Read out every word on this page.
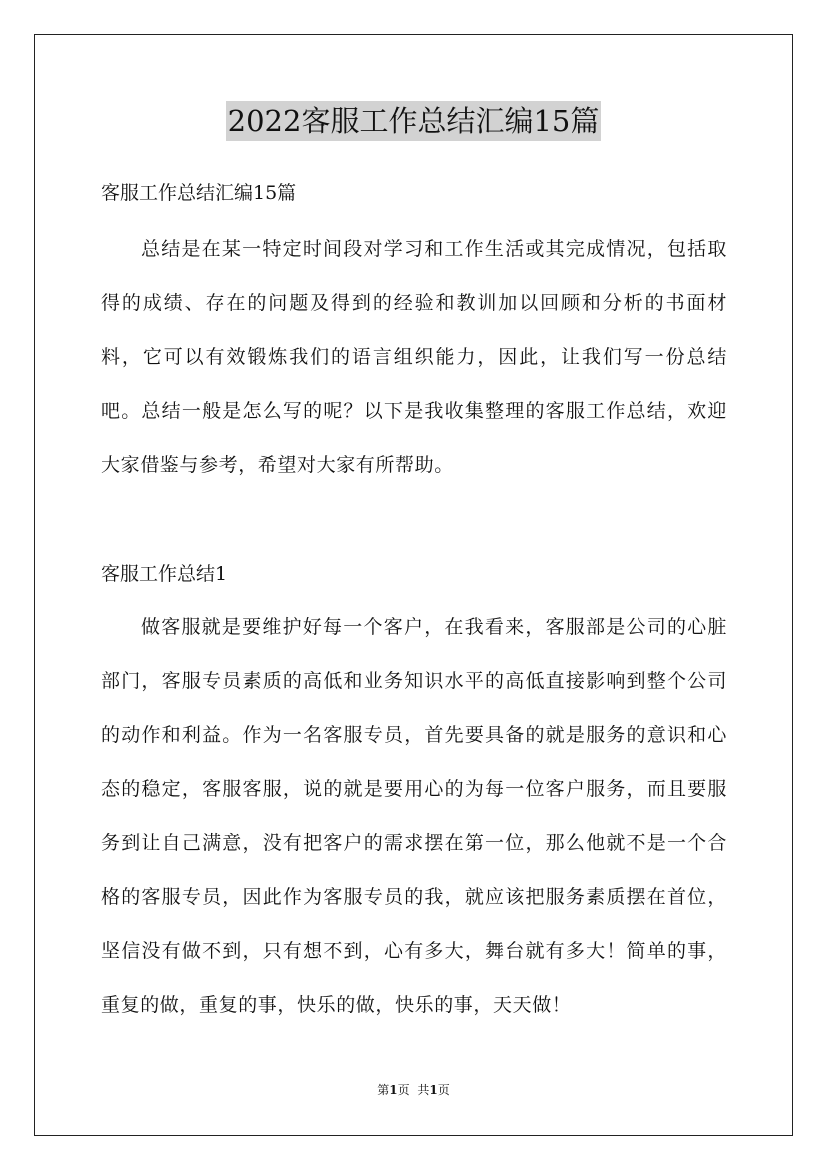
2022客服工作总结汇编15篇
客服工作总结汇编15篇
总结是在某一特定时间段对学习和工作生活或其完成情况，包括取得的成绩、存在的问题及得到的经验和教训加以回顾和分析的书面材料，它可以有效锻炼我们的语言组织能力，因此，让我们写一份总结吧。总结一般是怎么写的呢？以下是我收集整理的客服工作总结，欢迎大家借鉴与参考，希望对大家有所帮助。
客服工作总结1
做客服就是要维护好每一个客户，在我看来，客服部是公司的心脏部门，客服专员素质的高低和业务知识水平的高低直接影响到整个公司的动作和利益。作为一名客服专员，首先要具备的就是服务的意识和心态的稳定，客服客服，说的就是要用心的为每一位客户服务，而且要服务到让自己满意，没有把客户的需求摆在第一位，那么他就不是一个合格的客服专员，因此作为客服专员的我，就应该把服务素质摆在首位，坚信没有做不到，只有想不到，心有多大，舞台就有多大！简单的事，重复的做，重复的事，快乐的做，快乐的事，天天做！
第1页 共1页
